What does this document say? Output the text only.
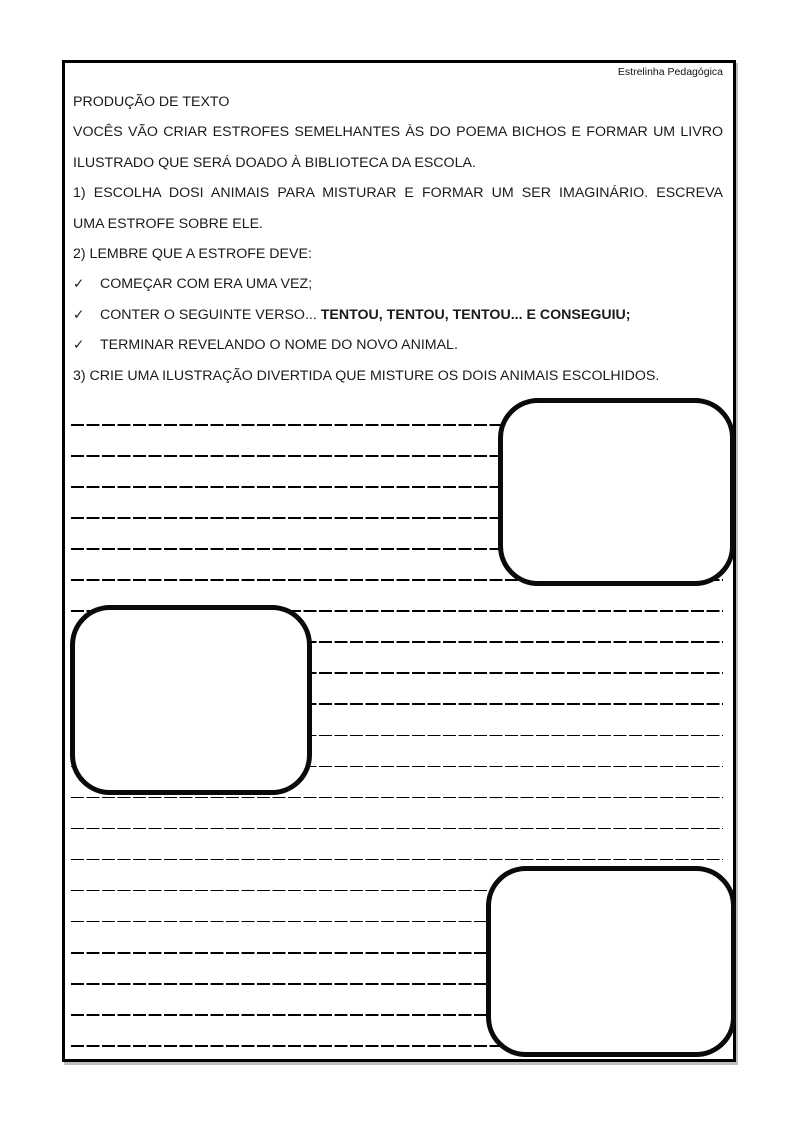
Estrelinha Pedagógica
PRODUÇÃO DE TEXTO
VOCÊS VÃO CRIAR ESTROFES SEMELHANTES ÀS DO POEMA BICHOS E FORMAR UM LIVRO
ILUSTRADO QUE SERÁ DOADO À BIBLIOTECA DA ESCOLA.
1) ESCOLHA DOSI ANIMAIS PARA MISTURAR E FORMAR UM SER IMAGINÁRIO. ESCREVA
UMA ESTROFE SOBRE ELE.
2) LEMBRE QUE A ESTROFE DEVE:
✓	COMEÇAR COM ERA UMA VEZ;
✓	CONTER O SEGUINTE VERSO... TENTOU, TENTOU, TENTOU... E CONSEGUIU;
✓	TERMINAR REVELANDO O NOME DO NOVO ANIMAL.
3) CRIE UMA ILUSTRAÇÃO DIVERTIDA QUE MISTURE OS DOIS ANIMAIS ESCOLHIDOS.
